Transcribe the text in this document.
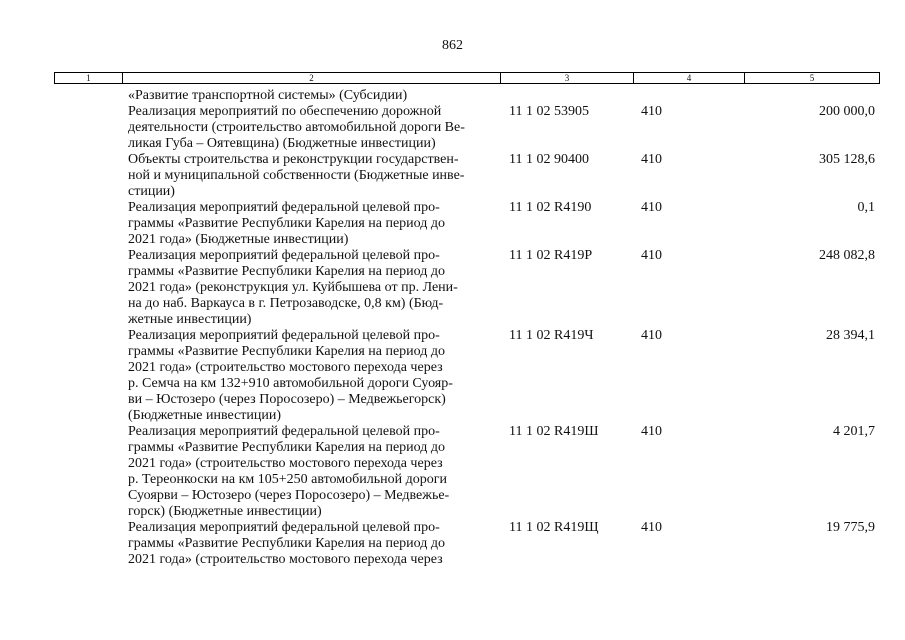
862
1	2	3	4	5
«Развитие транспортной системы» (Субсидии)
Реализация мероприятий по обеспечению дорожной
деятельности (строительство автомобильной дороги Ве-
ликая Губа – Оятевщина) (Бюджетные инвестиции)
11 1 02 53905	410	200 000,0
Объекты строительства и реконструкции государствен-
ной и муниципальной собственности (Бюджетные инве-
стиции)
11 1 02 90400	410	305 128,6
Реализация мероприятий федеральной целевой про-
граммы «Развитие Республики Карелия на период до
2021 года» (Бюджетные инвестиции)
11 1 02 R4190	410	0,1
Реализация мероприятий федеральной целевой про-
граммы «Развитие Республики Карелия на период до
2021 года» (реконструкция ул. Куйбышева от пр. Лени-
на до наб. Варкауса в г. Петрозаводске, 0,8 км) (Бюд-
жетные инвестиции)
11 1 02 R419Р	410	248 082,8
Реализация мероприятий федеральной целевой про-
граммы «Развитие Республики Карелия на период до
2021 года» (строительство мостового перехода через
р. Семча на км 132+910 автомобильной дороги Суояр-
ви – Юстозеро (через Поросозеро) – Медвежьегорск)
(Бюджетные инвестиции)
11 1 02 R419Ч	410	28 394,1
Реализация мероприятий федеральной целевой про-
граммы «Развитие Республики Карелия на период до
2021 года» (строительство мостового перехода через
р. Тереонкоски на км 105+250 автомобильной дороги
Суоярви – Юстозеро (через Поросозеро) – Медвежье-
горск) (Бюджетные инвестиции)
11 1 02 R419Ш	410	4 201,7
Реализация мероприятий федеральной целевой про-
граммы «Развитие Республики Карелия на период до
2021 года» (строительство мостового перехода через
11 1 02 R419Щ	410	19 775,9
